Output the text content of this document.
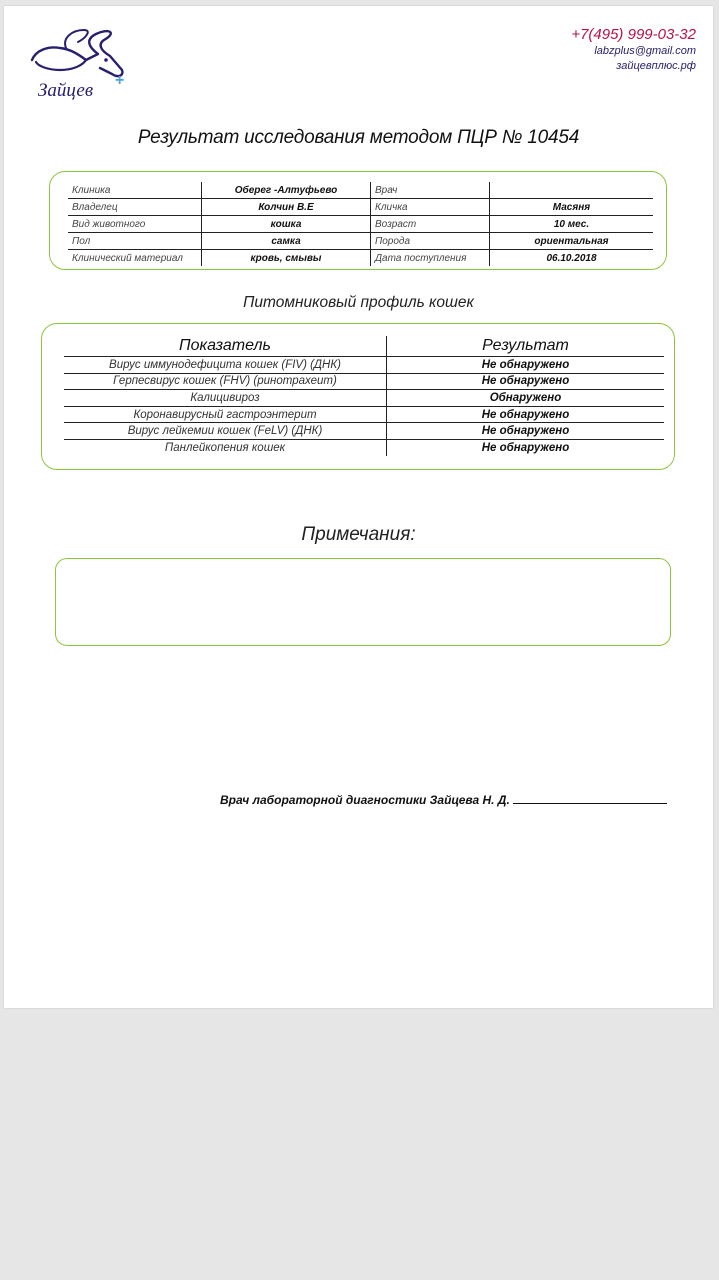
Зайцев +
+7(495) 999-03-32
labzplus@gmail.com
зайцевплюс.рф
Результат исследования методом ПЦР № 10454
Клиника	Оберег -Алтуфьево	Врач	
Владелец	Колчин В.Е	Кличка	Масяня
Вид животного	кошка	Возраст	10 мес.
Пол	самка	Порода	ориентальная
Клинический материал	кровь, смывы	Дата поступления	06.10.2018
Питомниковый профиль кошек
Показатель	Результат
Вирус иммунодефицита кошек (FIV) (ДНК)	Не обнаружено
Герпесвирус кошек (FHV) (ринотрахеит)	Не обнаружено
Калицивироз	Обнаружено
Коронавирусный гастроэнтерит	Не обнаружено
Вирус лейкемии кошек (FeLV) (ДНК)	Не обнаружено
Панлейкопения кошек	Не обнаружено
Примечания:
Врач лабораторной диагностики Зайцева Н. Д.
